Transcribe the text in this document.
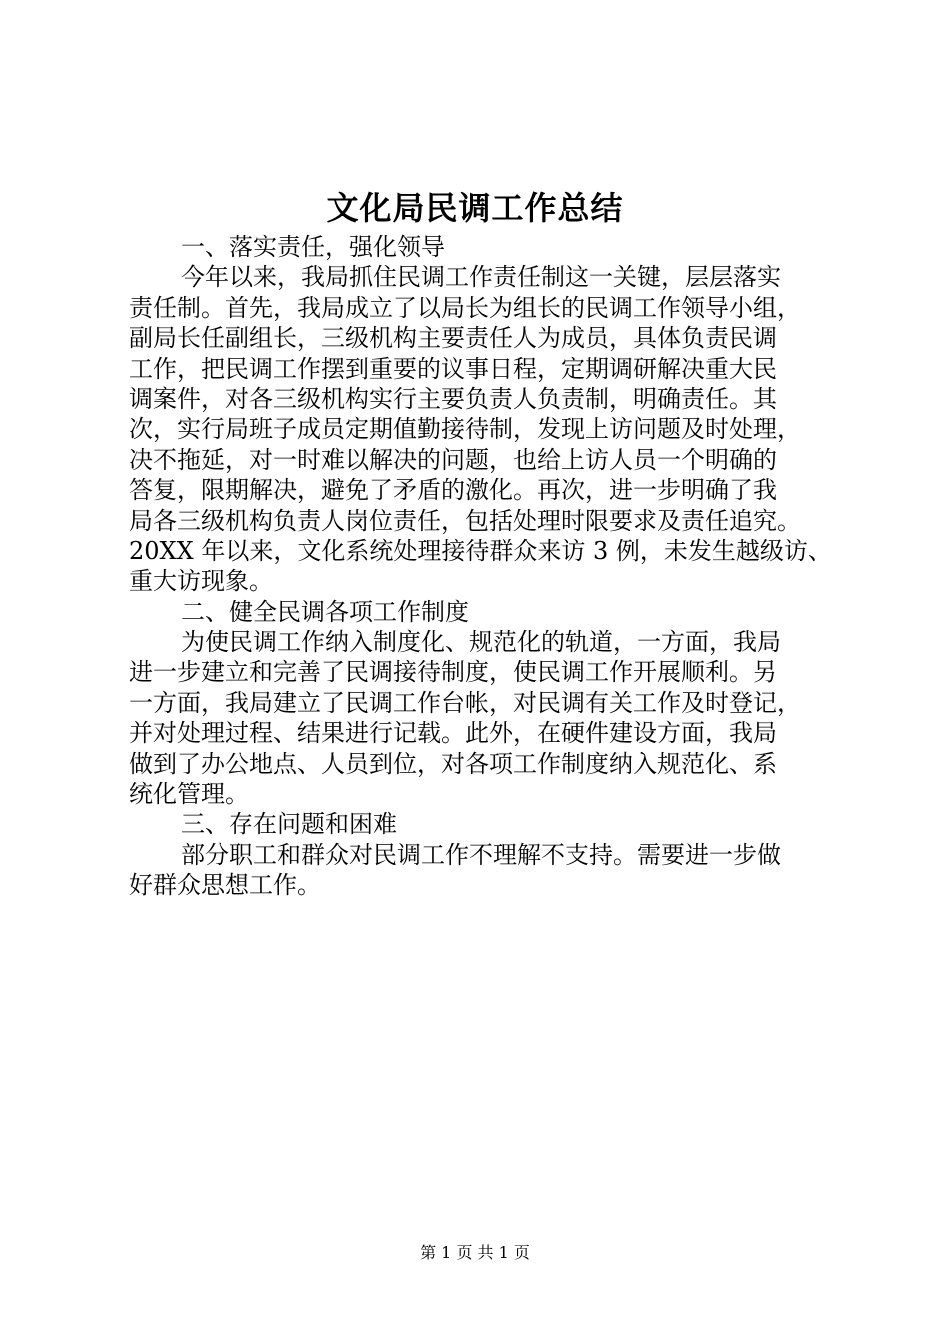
文化局民调工作总结
一、落实责任，强化领导
今年以来，我局抓住民调工作责任制这一关键，层层落实
责任制。首先，我局成立了以局长为组长的民调工作领导小组，
副局长任副组长，三级机构主要责任人为成员，具体负责民调
工作，把民调工作摆到重要的议事日程，定期调研解决重大民
调案件，对各三级机构实行主要负责人负责制，明确责任。其
次，实行局班子成员定期值勤接待制，发现上访问题及时处理，
决不拖延，对一时难以解决的问题，也给上访人员一个明确的
答复，限期解决，避免了矛盾的激化。再次，进一步明确了我
局各三级机构负责人岗位责任，包括处理时限要求及责任追究。
20XX 年以来，文化系统处理接待群众来访 3 例，未发生越级访、
重大访现象。
二、健全民调各项工作制度
为使民调工作纳入制度化、规范化的轨道，一方面，我局
进一步建立和完善了民调接待制度，使民调工作开展顺利。另
一方面，我局建立了民调工作台帐，对民调有关工作及时登记，
并对处理过程、结果进行记载。此外，在硬件建设方面，我局
做到了办公地点、人员到位，对各项工作制度纳入规范化、系
统化管理。
三、存在问题和困难
部分职工和群众对民调工作不理解不支持。需要进一步做
好群众思想工作。
第 1 页 共 1 页
